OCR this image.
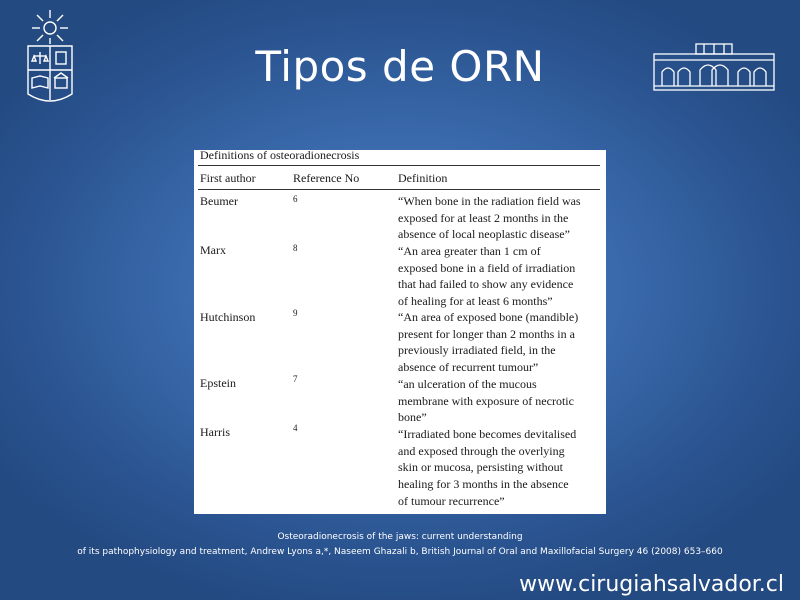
Tipos de ORN
Definitions of osteoradionecrosis
First author	Reference No	Definition
Beumer	6	“When bone in the radiation field was
exposed for at least 2 months in the
absence of local neoplastic disease”
Marx	8	“An area greater than 1 cm of
exposed bone in a field of irradiation
that had failed to show any evidence
of healing for at least 6 months”
Hutchinson	9	“An area of exposed bone (mandible)
present for longer than 2 months in a
previously irradiated field, in the
absence of recurrent tumour”
Epstein	7	“an ulceration of the mucous
membrane with exposure of necrotic
bone”
Harris	4	“Irradiated bone becomes devitalised
and exposed through the overlying
skin or mucosa, persisting without
healing for 3 months in the absence
of tumour recurrence”
Osteoradionecrosis of the jaws: current understanding
of its pathophysiology and treatment, Andrew Lyons a,*, Naseem Ghazali b, British Journal of Oral and Maxillofacial Surgery 46 (2008) 653–660
www.cirugiahsalvador.cl
